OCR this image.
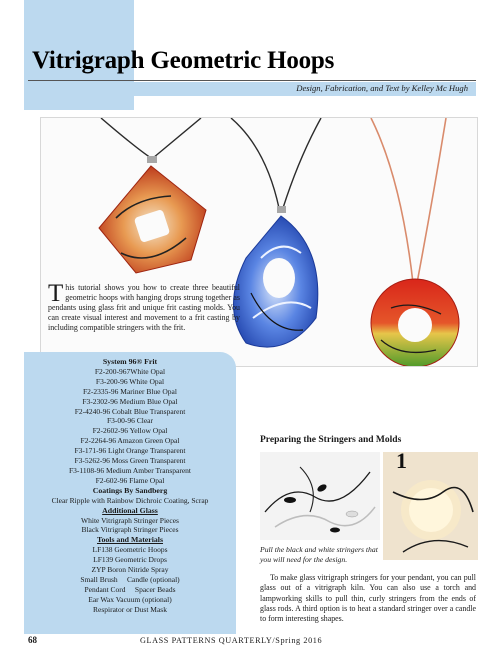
Vitrigraph Geometric Hoops
Design, Fabrication, and Text by Kelley Mc Hugh
This tutorial shows you how to create three beautiful geometric hoops with hanging drops strung together as pendants using glass frit and unique frit casting molds. You can create visual interest and movement to a frit casting by including compatible stringers with the frit.
System 96® Frit
F2-200-967White Opal
F3-200-96 White Opal
F2-2335-96 Mariner Blue Opal
F3-2302-96 Medium Blue Opal
F2-4240-96 Cobalt Blue Transparent
F3-00-96 Clear
F2-2602-96 Yellow Opal
F2-2264-96 Amazon Green Opal
F3-171-96 Light Orange Transparent
F3-5262-96 Moss Green Transparent
F3-1108-96 Medium Amber Transparent
F2-602-96 Flame Opal
Coatings By Sandberg
Clear Ripple with Rainbow Dichroic Coating, Scrap
Additional Glass
White Vitrigraph Stringer Pieces
Black Vitrigraph Stringer Pieces
Tools and Materials
LF138 Geometric Hoops
LF139 Geometric Drops
ZYP Boron Nitride Spray
Small Brush     Candle (optional)
Pendant Cord     Spacer Beads
Ear Wax Vacuum (optional)
Respirator or Dust Mask
Preparing the Stringers and Molds
1
Pull the black and white stringers that you will need for the design.
To make glass vitrigraph stringers for your pendant, you can pull glass out of a vitrigraph kiln. You can also use a torch and lampworking skills to pull thin, curly stringers from the ends of glass rods. A third option is to heat a standard stringer over a candle to form interesting shapes.
68	GLASS PATTERNS QUARTERLY/Spring 2016
